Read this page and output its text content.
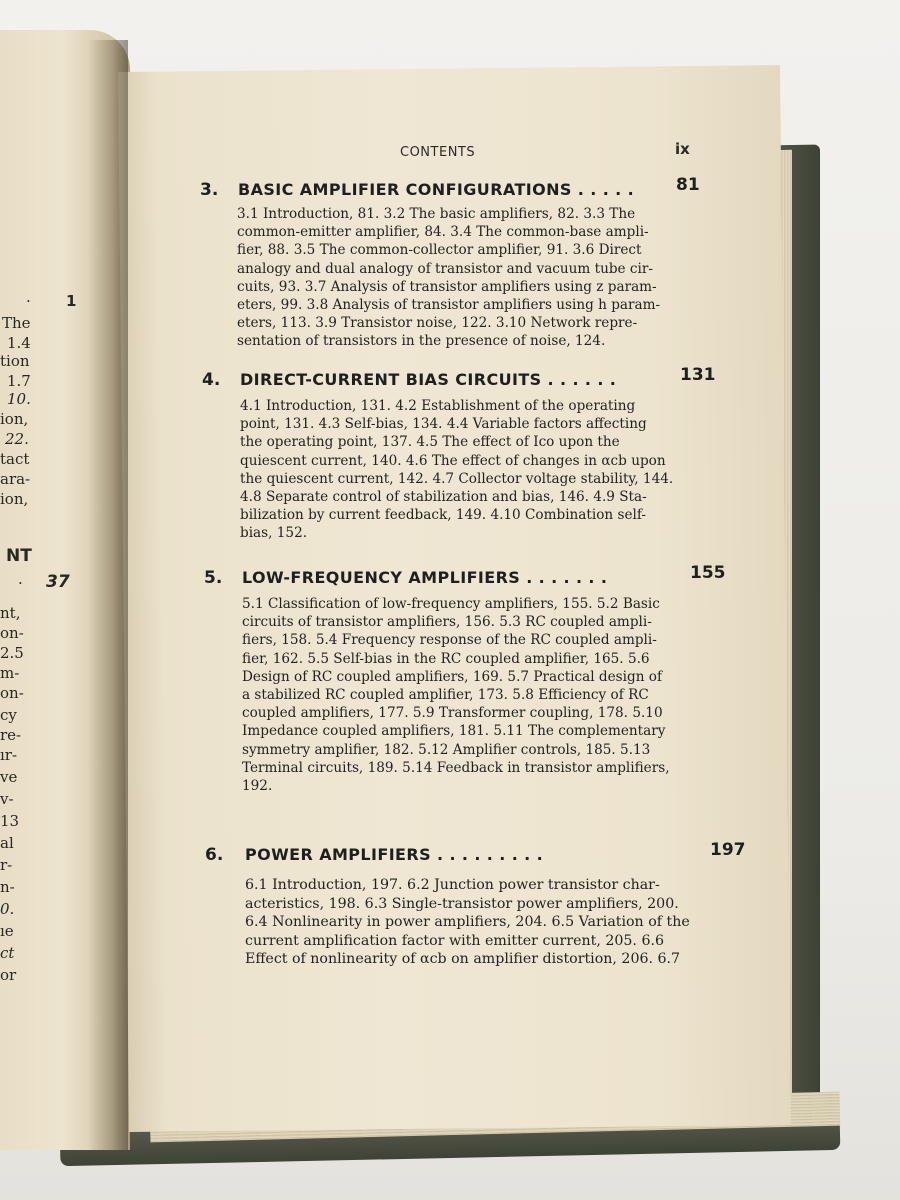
. 1
The
1.4
tion
1.7
10.
ion,
22.
tact
ara-
ion,
NT
. 37
nt,
on-
2.5
m-
on-
cy
re-
ır-
ve
v-
13
al
r-
n-
0.
ıe
ct
or
CONTENTS	ix
3. BASIC AMPLIFIER CONFIGURATIONS . . . . . 81
3.1 Introduction, 81. 3.2 The basic amplifiers, 82. 3.3 The
common-emitter amplifier, 84. 3.4 The common-base ampli-
fier, 88. 3.5 The common-collector amplifier, 91. 3.6 Direct
analogy and dual analogy of transistor and vacuum tube cir-
cuits, 93. 3.7 Analysis of transistor amplifiers using z param-
eters, 99. 3.8 Analysis of transistor amplifiers using h param-
eters, 113. 3.9 Transistor noise, 122. 3.10 Network repre-
sentation of transistors in the presence of noise, 124.
4. DIRECT-CURRENT BIAS CIRCUITS . . . . . .	131
4.1 Introduction, 131. 4.2 Establishment of the operating
point, 131. 4.3 Self-bias, 134. 4.4 Variable factors affecting
the operating point, 137. 4.5 The effect of Ico upon the
quiescent current, 140. 4.6 The effect of changes in αcb upon
the quiescent current, 142. 4.7 Collector voltage stability, 144.
4.8 Separate control of stabilization and bias, 146. 4.9 Sta-
bilization by current feedback, 149. 4.10 Combination self-
bias, 152.
5. LOW-FREQUENCY AMPLIFIERS . . . . . . .	155
5.1 Classification of low-frequency amplifiers, 155. 5.2 Basic
circuits of transistor amplifiers, 156. 5.3 RC coupled ampli-
fiers, 158. 5.4 Frequency response of the RC coupled ampli-
fier, 162. 5.5 Self-bias in the RC coupled amplifier, 165. 5.6
Design of RC coupled amplifiers, 169. 5.7 Practical design of
a stabilized RC coupled amplifier, 173. 5.8 Efficiency of RC
coupled amplifiers, 177. 5.9 Transformer coupling, 178. 5.10
Impedance coupled amplifiers, 181. 5.11 The complementary
symmetry amplifier, 182. 5.12 Amplifier controls, 185. 5.13
Terminal circuits, 189. 5.14 Feedback in transistor amplifiers,
192.
6. POWER AMPLIFIERS . . . . . . . . .	197
6.1 Introduction, 197. 6.2 Junction power transistor char-
acteristics, 198. 6.3 Single-transistor power amplifiers, 200.
6.4 Nonlinearity in power amplifiers, 204. 6.5 Variation of the
current amplification factor with emitter current, 205. 6.6
Effect of nonlinearity of αcb on amplifier distortion, 206. 6.7
